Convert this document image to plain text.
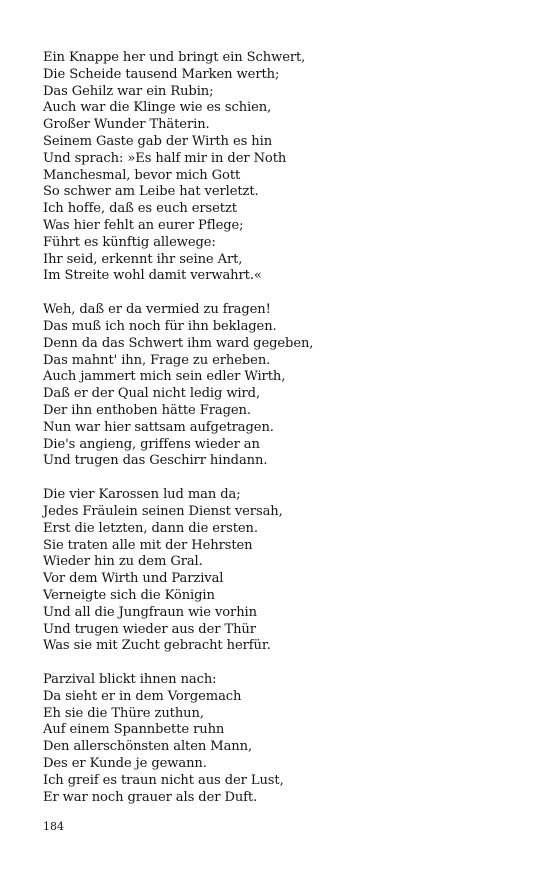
Ein Knappe her und bringt ein Schwert,
Die Scheide tausend Marken werth;
Das Gehilz war ein Rubin;
Auch war die Klinge wie es schien,
Großer Wunder Thäterin.
Seinem Gaste gab der Wirth es hin
Und sprach: »Es half mir in der Noth
Manchesmal, bevor mich Gott
So schwer am Leibe hat verletzt.
Ich hoffe, daß es euch ersetzt
Was hier fehlt an eurer Pflege;
Führt es künftig allewege:
Ihr seid, erkennt ihr seine Art,
Im Streite wohl damit verwahrt.«
Weh, daß er da vermied zu fragen!
Das muß ich noch für ihn beklagen.
Denn da das Schwert ihm ward gegeben,
Das mahnt' ihn, Frage zu erheben.
Auch jammert mich sein edler Wirth,
Daß er der Qual nicht ledig wird,
Der ihn enthoben hätte Fragen.
Nun war hier sattsam aufgetragen.
Die's angieng, griffens wieder an
Und trugen das Geschirr hindann.
Die vier Karossen lud man da;
Jedes Fräulein seinen Dienst versah,
Erst die letzten, dann die ersten.
Sie traten alle mit der Hehrsten
Wieder hin zu dem Gral.
Vor dem Wirth und Parzival
Verneigte sich die Königin
Und all die Jungfraun wie vorhin
Und trugen wieder aus der Thür
Was sie mit Zucht gebracht herfür.
Parzival blickt ihnen nach:
Da sieht er in dem Vorgemach
Eh sie die Thüre zuthun,
Auf einem Spannbette ruhn
Den allerschönsten alten Mann,
Des er Kunde je gewann.
Ich greif es traun nicht aus der Lust,
Er war noch grauer als der Duft.
184
